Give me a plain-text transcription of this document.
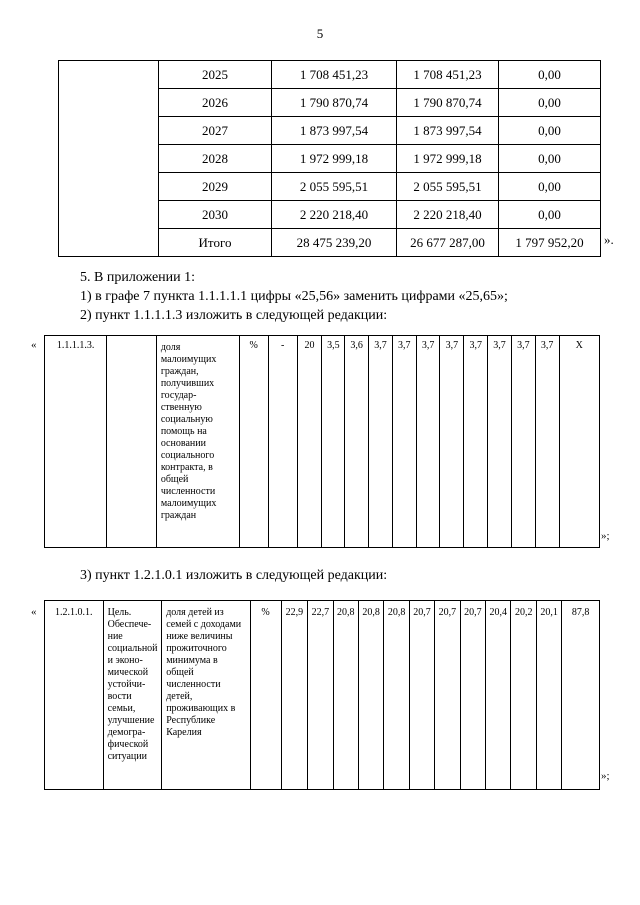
5
	2025	1 708 451,23	1 708 451,23	0,00
	2026	1 790 870,74	1 790 870,74	0,00
	2027	1 873 997,54	1 873 997,54	0,00
	2028	1 972 999,18	1 972 999,18	0,00
	2029	2 055 595,51	2 055 595,51	0,00
	2030	2 220 218,40	2 220 218,40	0,00
	Итого	28 475 239,20	26 677 287,00	1 797 952,20 ».
5. В приложении 1:
1) в графе 7 пункта 1.1.1.1.1 цифры «25,56» заменить цифрами «25,65»;
2) пункт 1.1.1.1.3 изложить в следующей редакции:
« 1.1.1.1.3.		доля малоимущих граждан, получивших государ-ственную социальную помощь на основании социального контракта, в общей численности малоимущих граждан	%	-	20	3,5	3,6	3,7	3,7	3,7	3,7	3,7	3,7	3,7	3,7	Х
»;
3) пункт 1.2.1.0.1 изложить в следующей редакции:
« 1.2.1.0.1.	Цель. Обеспече-ние социальной и эконо-мической устойчи-вости семьи, улучшение демогра-фической ситуации	доля детей из семей с доходами ниже величины прожиточного минимума в общей численности детей, проживающих в Республике Карелия	%	22,9	22,7	20,8	20,8	20,8	20,7	20,7	20,7	20,4	20,2	20,1	87,8
»;
